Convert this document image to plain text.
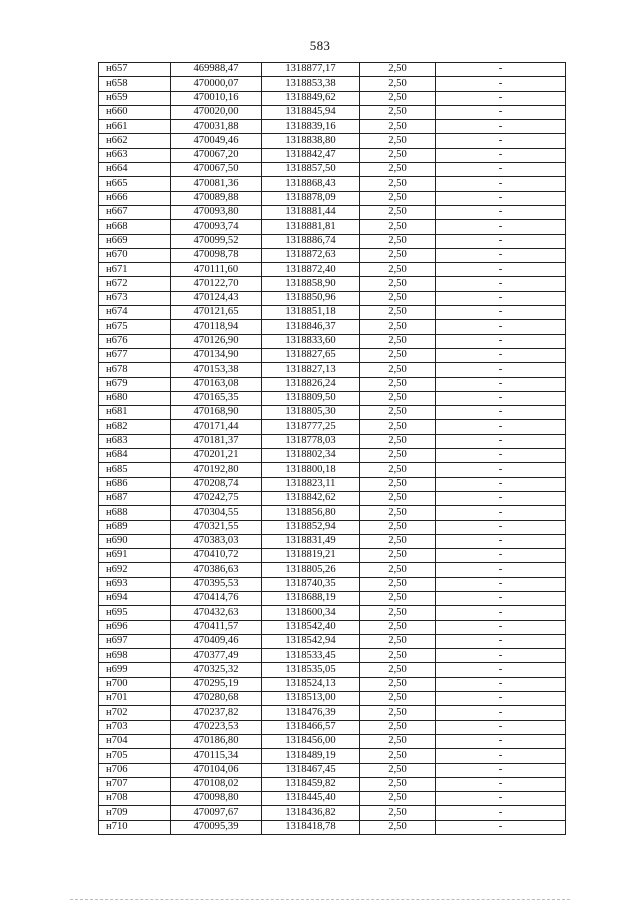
583
н657	469988,47	1318877,17	2,50	-
н658	470000,07	1318853,38	2,50	-
н659	470010,16	1318849,62	2,50	-
н660	470020,00	1318845,94	2,50	-
н661	470031,88	1318839,16	2,50	-
н662	470049,46	1318838,80	2,50	-
н663	470067,20	1318842,47	2,50	-
н664	470067,50	1318857,50	2,50	-
н665	470081,36	1318868,43	2,50	-
н666	470089,88	1318878,09	2,50	-
н667	470093,80	1318881,44	2,50	-
н668	470093,74	1318881,81	2,50	-
н669	470099,52	1318886,74	2,50	-
н670	470098,78	1318872,63	2,50	-
н671	470111,60	1318872,40	2,50	-
н672	470122,70	1318858,90	2,50	-
н673	470124,43	1318850,96	2,50	-
н674	470121,65	1318851,18	2,50	-
н675	470118,94	1318846,37	2,50	-
н676	470126,90	1318833,60	2,50	-
н677	470134,90	1318827,65	2,50	-
н678	470153,38	1318827,13	2,50	-
н679	470163,08	1318826,24	2,50	-
н680	470165,35	1318809,50	2,50	-
н681	470168,90	1318805,30	2,50	-
н682	470171,44	1318777,25	2,50	-
н683	470181,37	1318778,03	2,50	-
н684	470201,21	1318802,34	2,50	-
н685	470192,80	1318800,18	2,50	-
н686	470208,74	1318823,11	2,50	-
н687	470242,75	1318842,62	2,50	-
н688	470304,55	1318856,80	2,50	-
н689	470321,55	1318852,94	2,50	-
н690	470383,03	1318831,49	2,50	-
н691	470410,72	1318819,21	2,50	-
н692	470386,63	1318805,26	2,50	-
н693	470395,53	1318740,35	2,50	-
н694	470414,76	1318688,19	2,50	-
н695	470432,63	1318600,34	2,50	-
н696	470411,57	1318542,40	2,50	-
н697	470409,46	1318542,94	2,50	-
н698	470377,49	1318533,45	2,50	-
н699	470325,32	1318535,05	2,50	-
н700	470295,19	1318524,13	2,50	-
н701	470280,68	1318513,00	2,50	-
н702	470237,82	1318476,39	2,50	-
н703	470223,53	1318466,57	2,50	-
н704	470186,80	1318456,00	2,50	-
н705	470115,34	1318489,19	2,50	-
н706	470104,06	1318467,45	2,50	-
н707	470108,02	1318459,82	2,50	-
н708	470098,80	1318445,40	2,50	-
н709	470097,67	1318436,82	2,50	-
н710	470095,39	1318418,78	2,50	-
